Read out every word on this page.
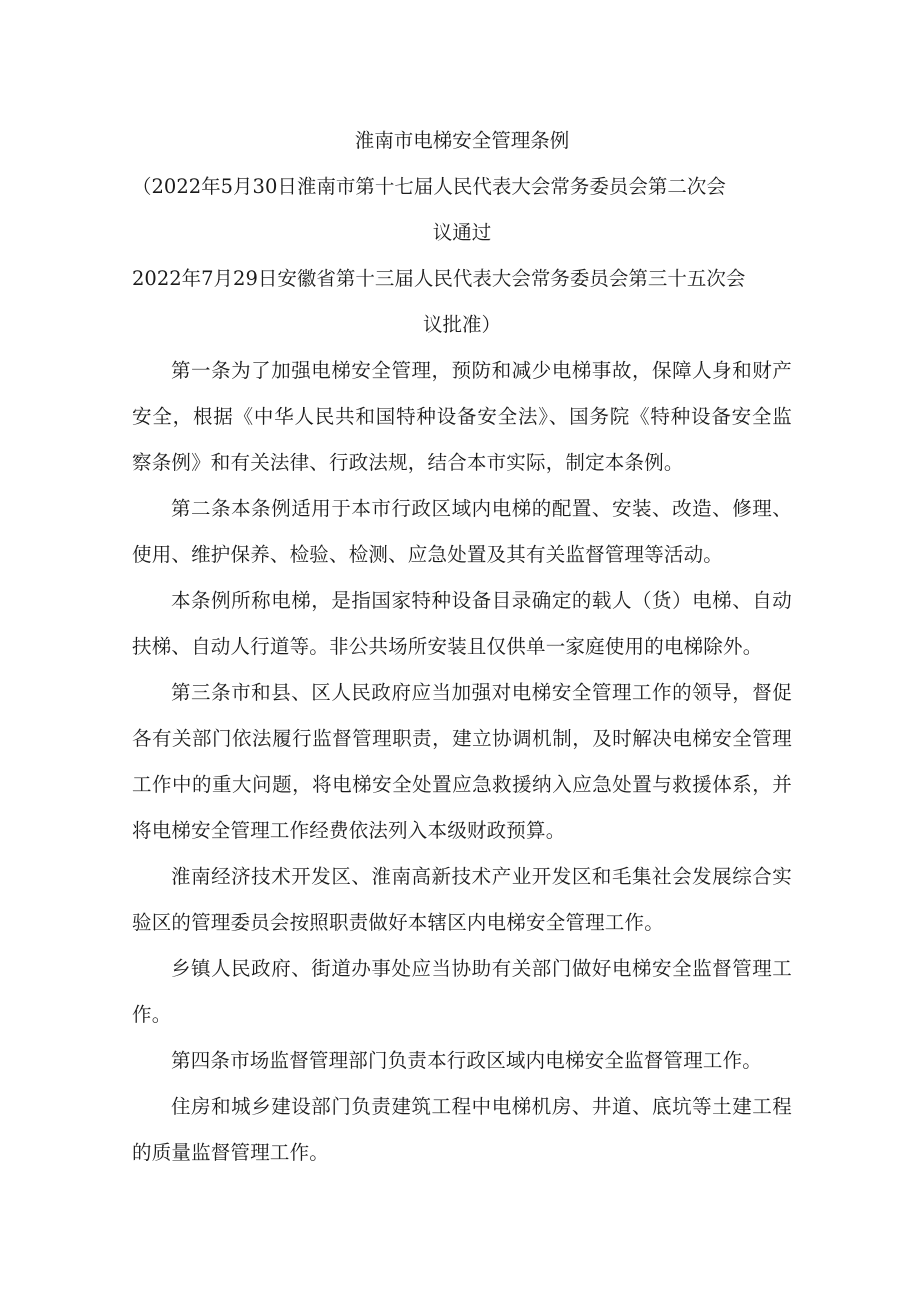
淮南市电梯安全管理条例

（2022年5月30日淮南市第十七届人民代表大会常务委员会第二次会

议通过

2022年7月29日安徽省第十三届人民代表大会常务委员会第三十五次会

议批准）

第一条为了加强电梯安全管理，预防和减少电梯事故，保障人身和财产安全，根据《中华人民共和国特种设备安全法》、国务院《特种设备安全监察条例》和有关法律、行政法规，结合本市实际，制定本条例。

第二条本条例适用于本市行政区域内电梯的配置、安装、改造、修理、使用、维护保养、检验、检测、应急处置及其有关监督管理等活动。

本条例所称电梯，是指国家特种设备目录确定的载人（货）电梯、自动扶梯、自动人行道等。非公共场所安装且仅供单一家庭使用的电梯除外。

第三条市和县、区人民政府应当加强对电梯安全管理工作的领导，督促各有关部门依法履行监督管理职责，建立协调机制，及时解决电梯安全管理工作中的重大问题，将电梯安全处置应急救援纳入应急处置与救援体系，并将电梯安全管理工作经费依法列入本级财政预算。

淮南经济技术开发区、淮南高新技术产业开发区和毛集社会发展综合实验区的管理委员会按照职责做好本辖区内电梯安全管理工作。

乡镇人民政府、街道办事处应当协助有关部门做好电梯安全监督管理工作。

第四条市场监督管理部门负责本行政区域内电梯安全监督管理工作。

住房和城乡建设部门负责建筑工程中电梯机房、井道、底坑等土建工程的质量监督管理工作。
